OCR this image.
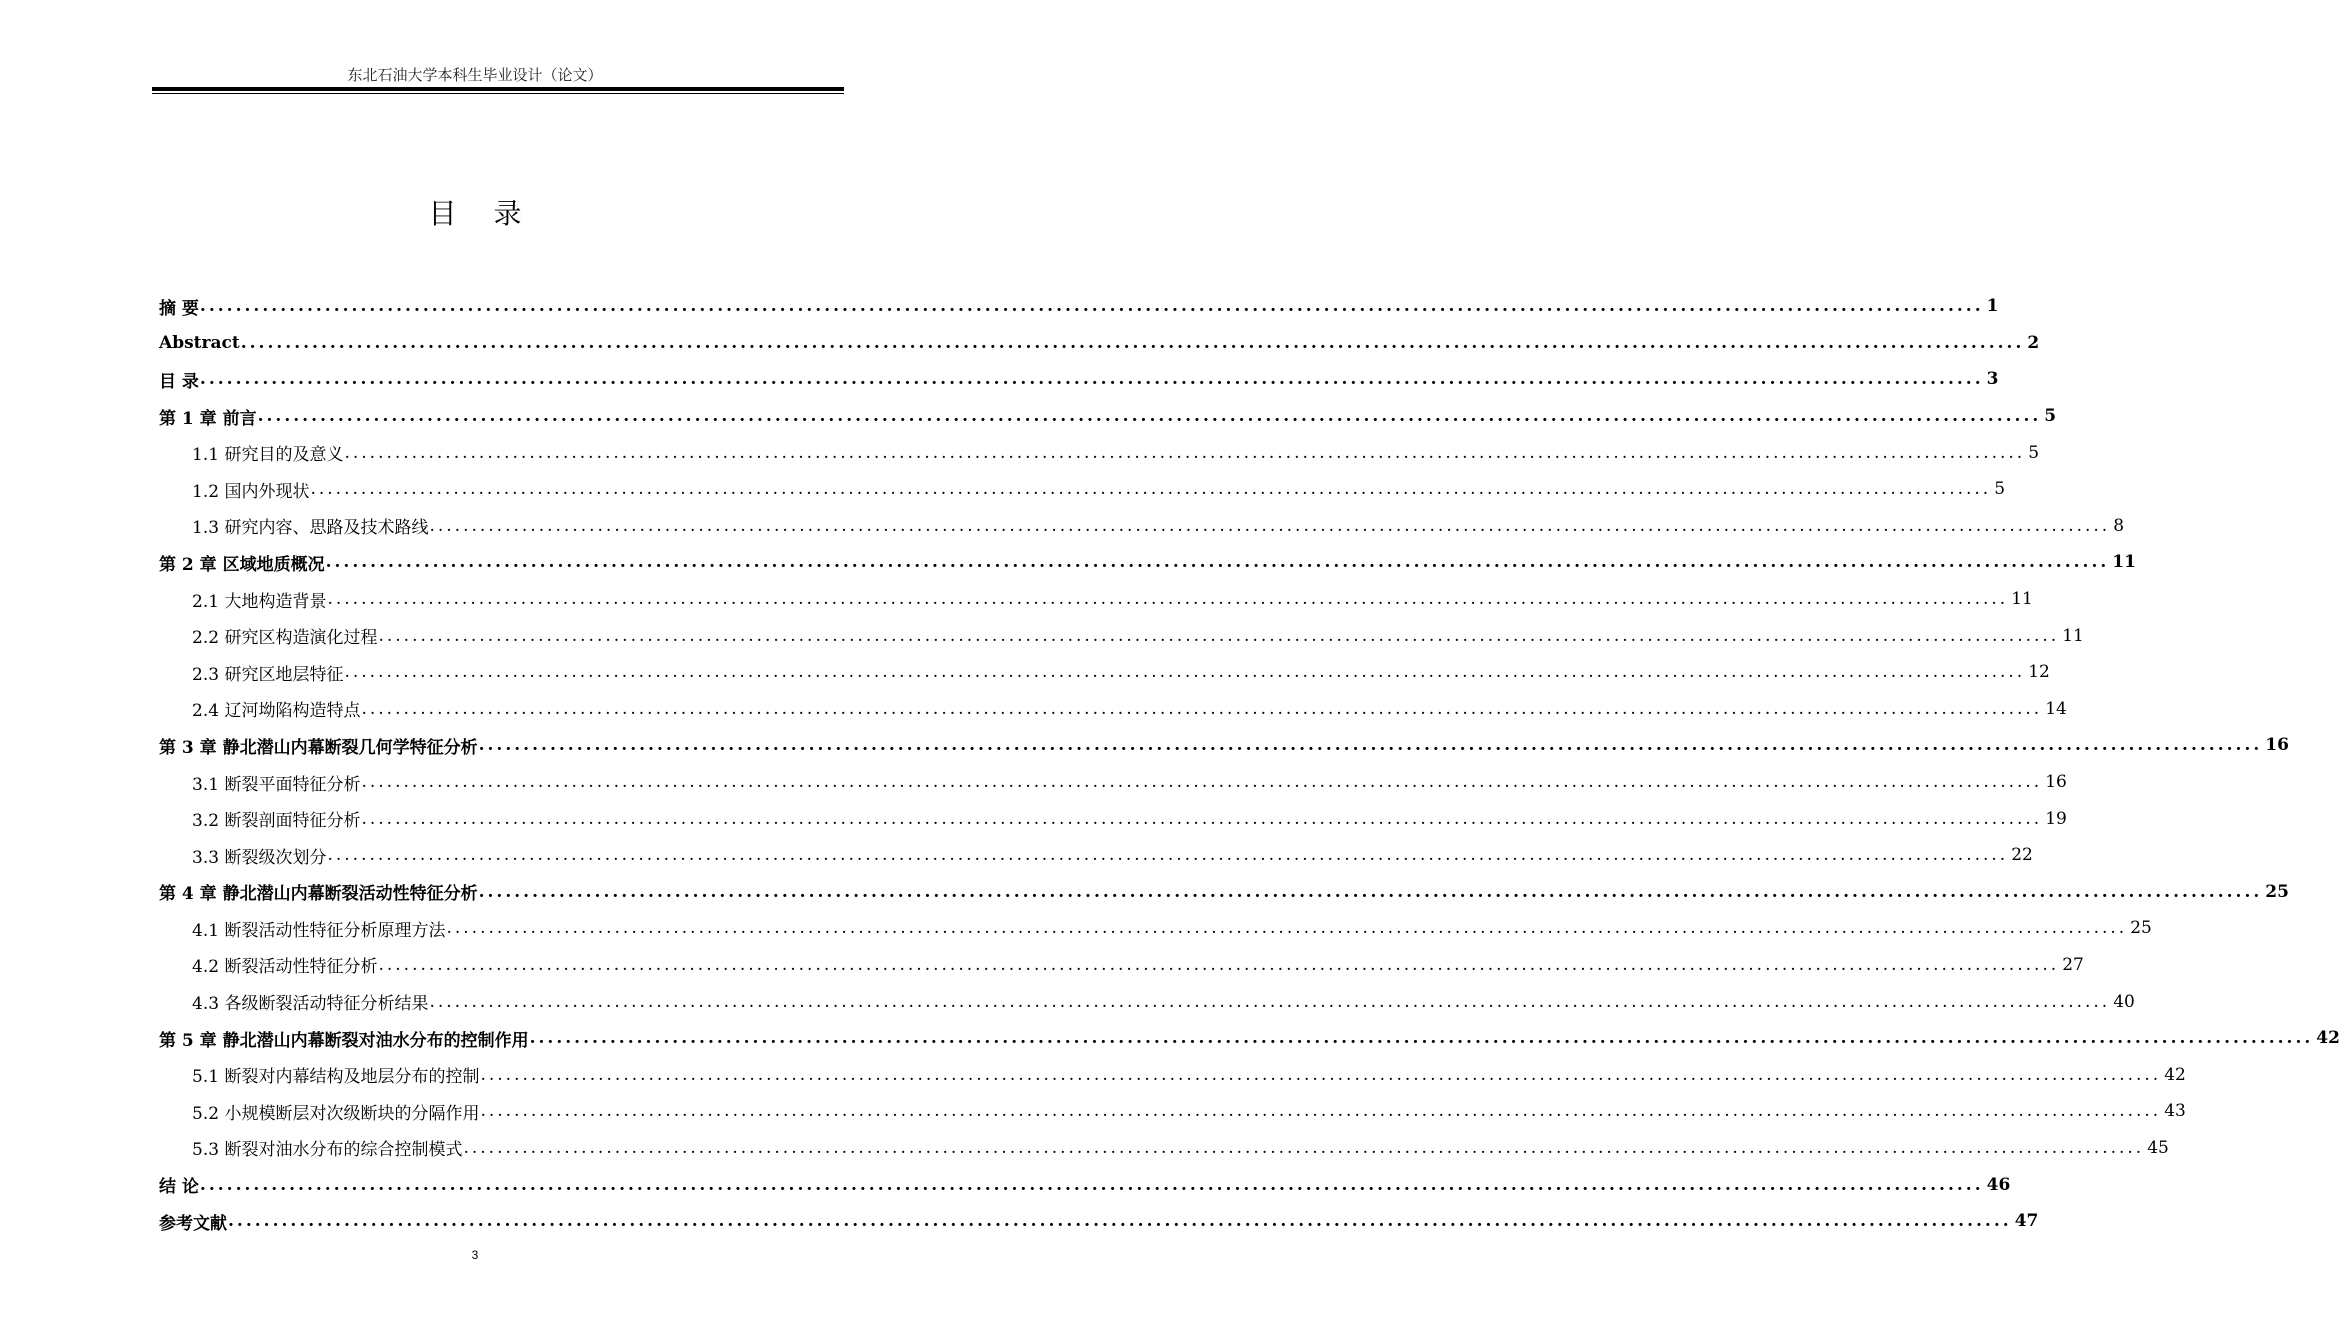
东北石油大学本科生毕业设计（论文）
目 录
摘 要 ........................................................................................................................................................................................................ 1
Abstract ........................................................................................................................................................................................................ 2
目 录 ........................................................................................................................................................................................................ 3
第 1 章 前言 ........................................................................................................................................................................................................ 5
1.1 研究目的及意义 ........................................................................................................................................................................................................ 5
1.2 国内外现状 ........................................................................................................................................................................................................ 5
1.3 研究内容、思路及技术路线 ........................................................................................................................................................................................................ 8
第 2 章 区域地质概况 ........................................................................................................................................................................................................ 11
2.1 大地构造背景 ........................................................................................................................................................................................................ 11
2.2 研究区构造演化过程 ........................................................................................................................................................................................................ 11
2.3 研究区地层特征 ........................................................................................................................................................................................................ 12
2.4 辽河坳陷构造特点 ........................................................................................................................................................................................................ 14
第 3 章 静北潜山内幕断裂几何学特征分析 ........................................................................................................................................................................................................ 16
3.1 断裂平面特征分析 ........................................................................................................................................................................................................ 16
3.2 断裂剖面特征分析 ........................................................................................................................................................................................................ 19
3.3 断裂级次划分 ........................................................................................................................................................................................................ 22
第 4 章 静北潜山内幕断裂活动性特征分析 ........................................................................................................................................................................................................ 25
4.1 断裂活动性特征分析原理方法 ........................................................................................................................................................................................................ 25
4.2 断裂活动性特征分析 ........................................................................................................................................................................................................ 27
4.3 各级断裂活动特征分析结果 ........................................................................................................................................................................................................ 40
第 5 章 静北潜山内幕断裂对油水分布的控制作用 ........................................................................................................................................................................................................ 42
5.1 断裂对内幕结构及地层分布的控制 ........................................................................................................................................................................................................ 42
5.2 小规模断层对次级断块的分隔作用 ........................................................................................................................................................................................................ 43
5.3 断裂对油水分布的综合控制模式 ........................................................................................................................................................................................................ 45
结 论 ........................................................................................................................................................................................................ 46
参考文献 ........................................................................................................................................................................................................ 47
3
